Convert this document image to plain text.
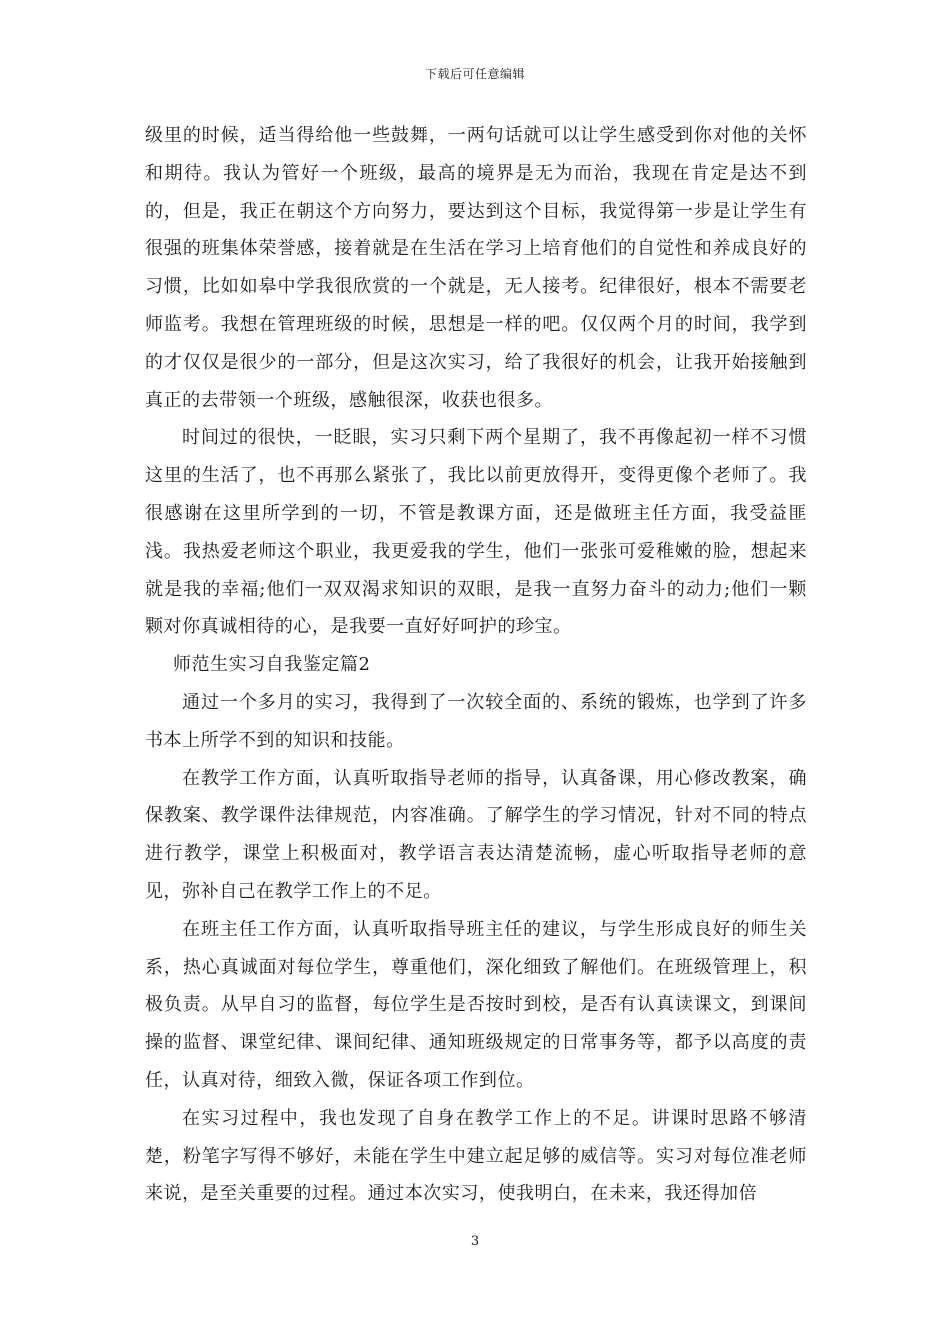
下载后可任意编辑

级里的时候，适当得给他一些鼓舞，一两句话就可以让学生感受到你对他的关怀和期待。我认为管好一个班级，最高的境界是无为而治，我现在肯定是达不到的，但是，我正在朝这个方向努力，要达到这个目标，我觉得第一步是让学生有很强的班集体荣誉感，接着就是在生活在学习上培育他们的自觉性和养成良好的习惯，比如如皋中学我很欣赏的一个就是，无人接考。纪律很好，根本不需要老师监考。我想在管理班级的时候，思想是一样的吧。仅仅两个月的时间，我学到的才仅仅是很少的一部分，但是这次实习，给了我很好的机会，让我开始接触到真正的去带领一个班级，感触很深，收获也很多。

时间过的很快，一眨眼，实习只剩下两个星期了，我不再像起初一样不习惯这里的生活了，也不再那么紧张了，我比以前更放得开，变得更像个老师了。我很感谢在这里所学到的一切，不管是教课方面，还是做班主任方面，我受益匪浅。我热爱老师这个职业，我更爱我的学生，他们一张张可爱稚嫩的脸，想起来就是我的幸福;他们一双双渴求知识的双眼，是我一直努力奋斗的动力;他们一颗颗对你真诚相待的心，是我要一直好好呵护的珍宝。

师范生实习自我鉴定篇2

通过一个多月的实习，我得到了一次较全面的、系统的锻炼，也学到了许多书本上所学不到的知识和技能。

在教学工作方面，认真听取指导老师的指导，认真备课，用心修改教案，确保教案、教学课件法律规范，内容准确。了解学生的学习情况，针对不同的特点进行教学，课堂上积极面对，教学语言表达清楚流畅，虚心听取指导老师的意见，弥补自己在教学工作上的不足。

在班主任工作方面，认真听取指导班主任的建议，与学生形成良好的师生关系，热心真诚面对每位学生，尊重他们，深化细致了解他们。在班级管理上，积极负责。从早自习的监督，每位学生是否按时到校，是否有认真读课文，到课间操的监督、课堂纪律、课间纪律、通知班级规定的日常事务等，都予以高度的责任，认真对待，细致入微，保证各项工作到位。

在实习过程中，我也发现了自身在教学工作上的不足。讲课时思路不够清楚，粉笔字写得不够好，未能在学生中建立起足够的威信等。实习对每位准老师来说，是至关重要的过程。通过本次实习，使我明白，在未来，我还得加倍

3
